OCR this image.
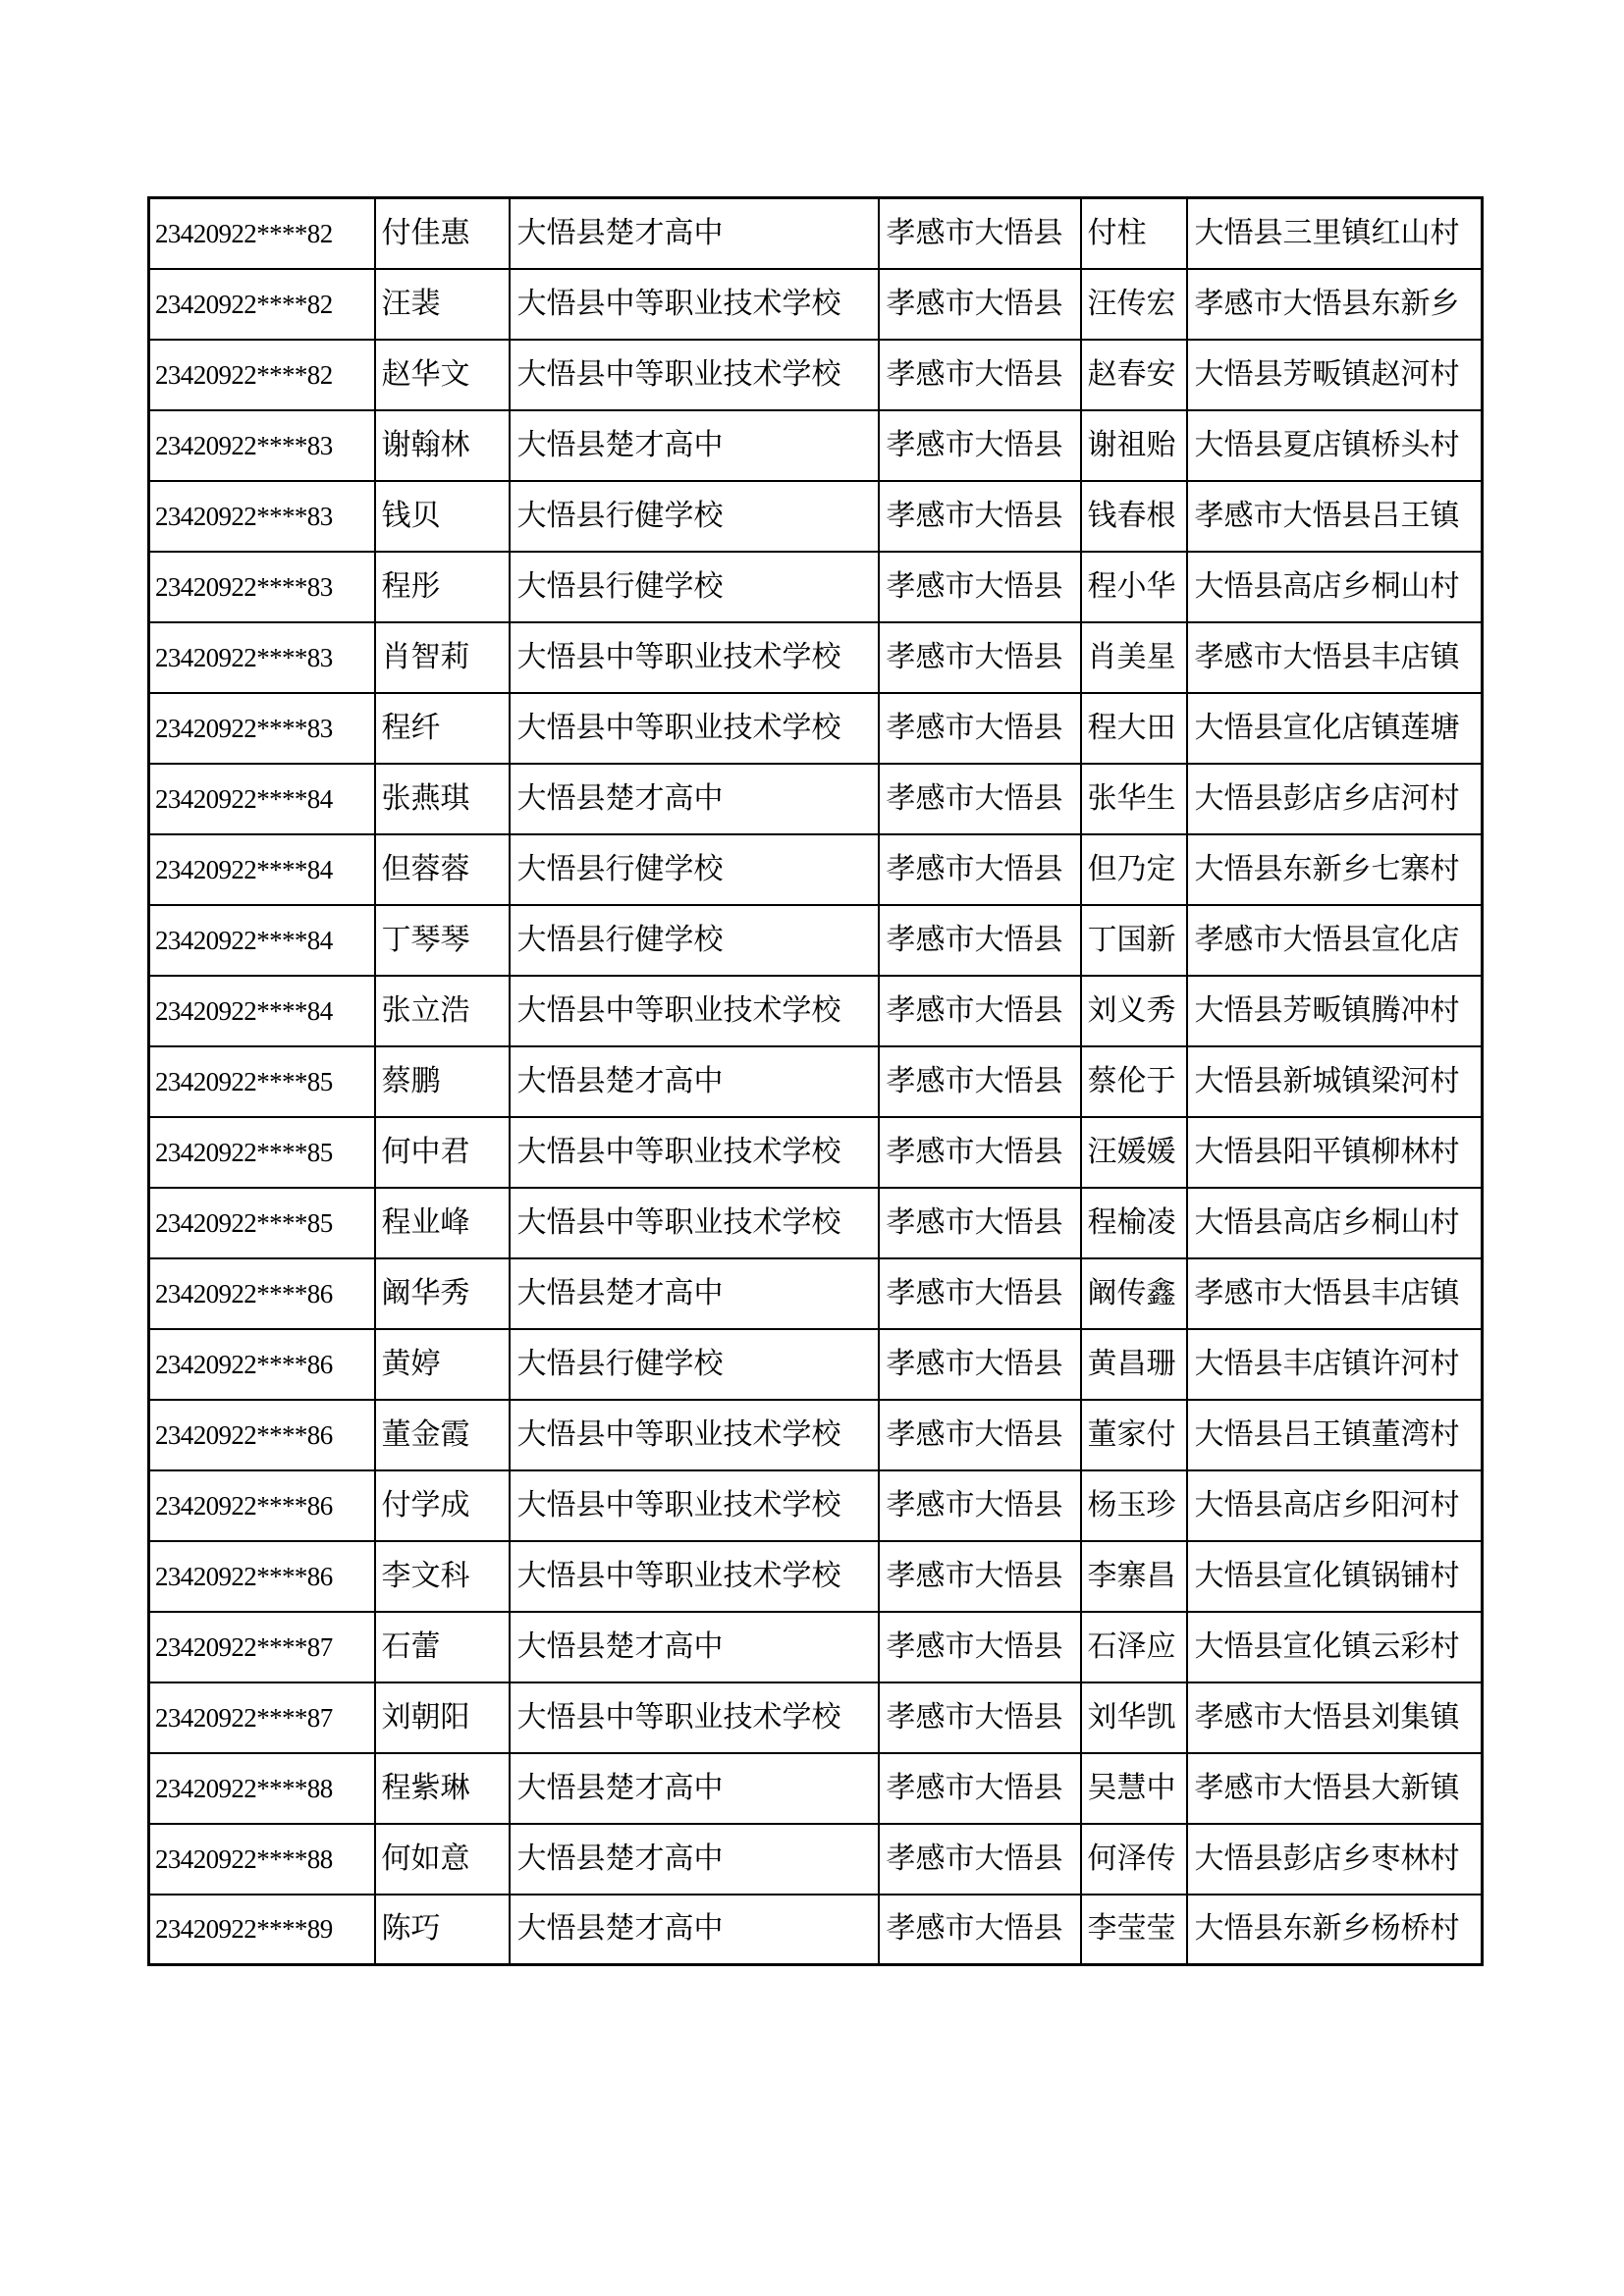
23420922****82	付佳惠	大悟县楚才高中	孝感市大悟县	付柱	大悟县三里镇红山村
23420922****82	汪裴	大悟县中等职业技术学校	孝感市大悟县	汪传宏	孝感市大悟县东新乡
23420922****82	赵华文	大悟县中等职业技术学校	孝感市大悟县	赵春安	大悟县芳畈镇赵河村
23420922****83	谢翰林	大悟县楚才高中	孝感市大悟县	谢祖贻	大悟县夏店镇桥头村
23420922****83	钱贝	大悟县行健学校	孝感市大悟县	钱春根	孝感市大悟县吕王镇
23420922****83	程彤	大悟县行健学校	孝感市大悟县	程小华	大悟县高店乡桐山村
23420922****83	肖智莉	大悟县中等职业技术学校	孝感市大悟县	肖美星	孝感市大悟县丰店镇
23420922****83	程纤	大悟县中等职业技术学校	孝感市大悟县	程大田	大悟县宣化店镇莲塘
23420922****84	张燕琪	大悟县楚才高中	孝感市大悟县	张华生	大悟县彭店乡店河村
23420922****84	但蓉蓉	大悟县行健学校	孝感市大悟县	但乃定	大悟县东新乡七寨村
23420922****84	丁琴琴	大悟县行健学校	孝感市大悟县	丁国新	孝感市大悟县宣化店
23420922****84	张立浩	大悟县中等职业技术学校	孝感市大悟县	刘义秀	大悟县芳畈镇腾冲村
23420922****85	蔡鹏	大悟县楚才高中	孝感市大悟县	蔡伦于	大悟县新城镇梁河村
23420922****85	何中君	大悟县中等职业技术学校	孝感市大悟县	汪媛媛	大悟县阳平镇柳林村
23420922****85	程业峰	大悟县中等职业技术学校	孝感市大悟县	程榆凌	大悟县高店乡桐山村
23420922****86	阚华秀	大悟县楚才高中	孝感市大悟县	阚传鑫	孝感市大悟县丰店镇
23420922****86	黄婷	大悟县行健学校	孝感市大悟县	黄昌珊	大悟县丰店镇许河村
23420922****86	董金霞	大悟县中等职业技术学校	孝感市大悟县	董家付	大悟县吕王镇董湾村
23420922****86	付学成	大悟县中等职业技术学校	孝感市大悟县	杨玉珍	大悟县高店乡阳河村
23420922****86	李文科	大悟县中等职业技术学校	孝感市大悟县	李寨昌	大悟县宣化镇锅铺村
23420922****87	石蕾	大悟县楚才高中	孝感市大悟县	石泽应	大悟县宣化镇云彩村
23420922****87	刘朝阳	大悟县中等职业技术学校	孝感市大悟县	刘华凯	孝感市大悟县刘集镇
23420922****88	程紫琳	大悟县楚才高中	孝感市大悟县	吴慧中	孝感市大悟县大新镇
23420922****88	何如意	大悟县楚才高中	孝感市大悟县	何泽传	大悟县彭店乡枣林村
23420922****89	陈巧	大悟县楚才高中	孝感市大悟县	李莹莹	大悟县东新乡杨桥村
